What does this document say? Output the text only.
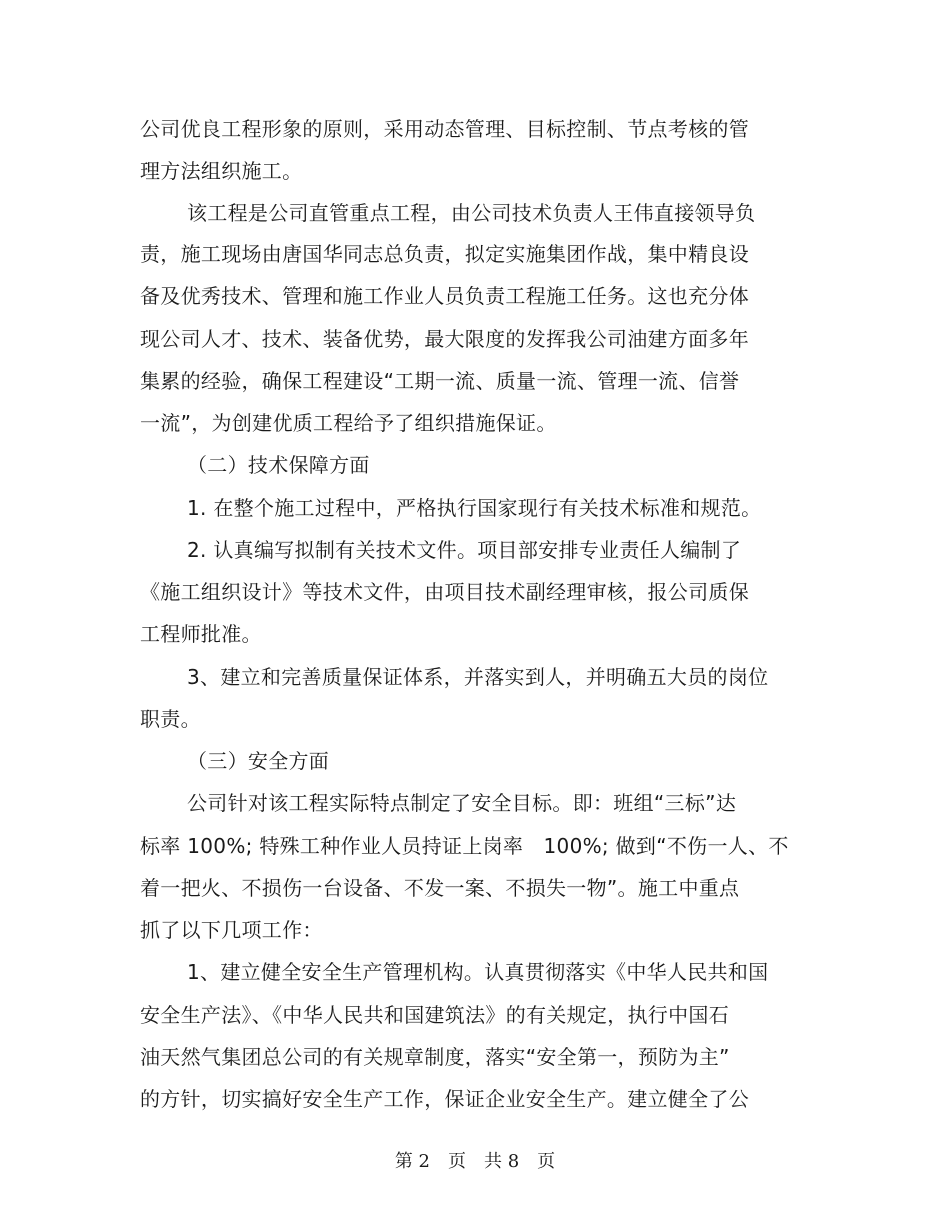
公司优良工程形象的原则，采用动态管理、目标控制、节点考核的管
理方法组织施工。
该工程是公司直管重点工程，由公司技术负责人王伟直接领导负
责，施工现场由唐国华同志总负责，拟定实施集团作战，集中精良设
备及优秀技术、管理和施工作业人员负责工程施工任务。这也充分体
现公司人才、技术、装备优势，最大限度的发挥我公司油建方面多年
集累的经验，确保工程建设“工期一流、质量一流、管理一流、信誉
一流”，为创建优质工程给予了组织措施保证。
（二）技术保障方面
1. 在整个施工过程中，严格执行国家现行有关技术标准和规范。
2. 认真编写拟制有关技术文件。项目部安排专业责任人编制了
《施工组织设计》等技术文件，由项目技术副经理审核，报公司质保
工程师批准。
3、建立和完善质量保证体系，并落实到人，并明确五大员的岗位
职责。
（三）安全方面
公司针对该工程实际特点制定了安全目标。即：班组“三标”达
标率 100%; 特殊工种作业人员持证上岗率　100%; 做到“不伤一人、不
着一把火、不损伤一台设备、不发一案、不损失一物”。施工中重点
抓了以下几项工作：
1、建立健全安全生产管理机构。认真贯彻落实《中华人民共和国
安全生产法》、《中华人民共和国建筑法》的有关规定，执行中国石
油天然气集团总公司的有关规章制度，落实“安全第一，预防为主”
的方针，切实搞好安全生产工作，保证企业安全生产。建立健全了公
第 2　页　共 8　页
